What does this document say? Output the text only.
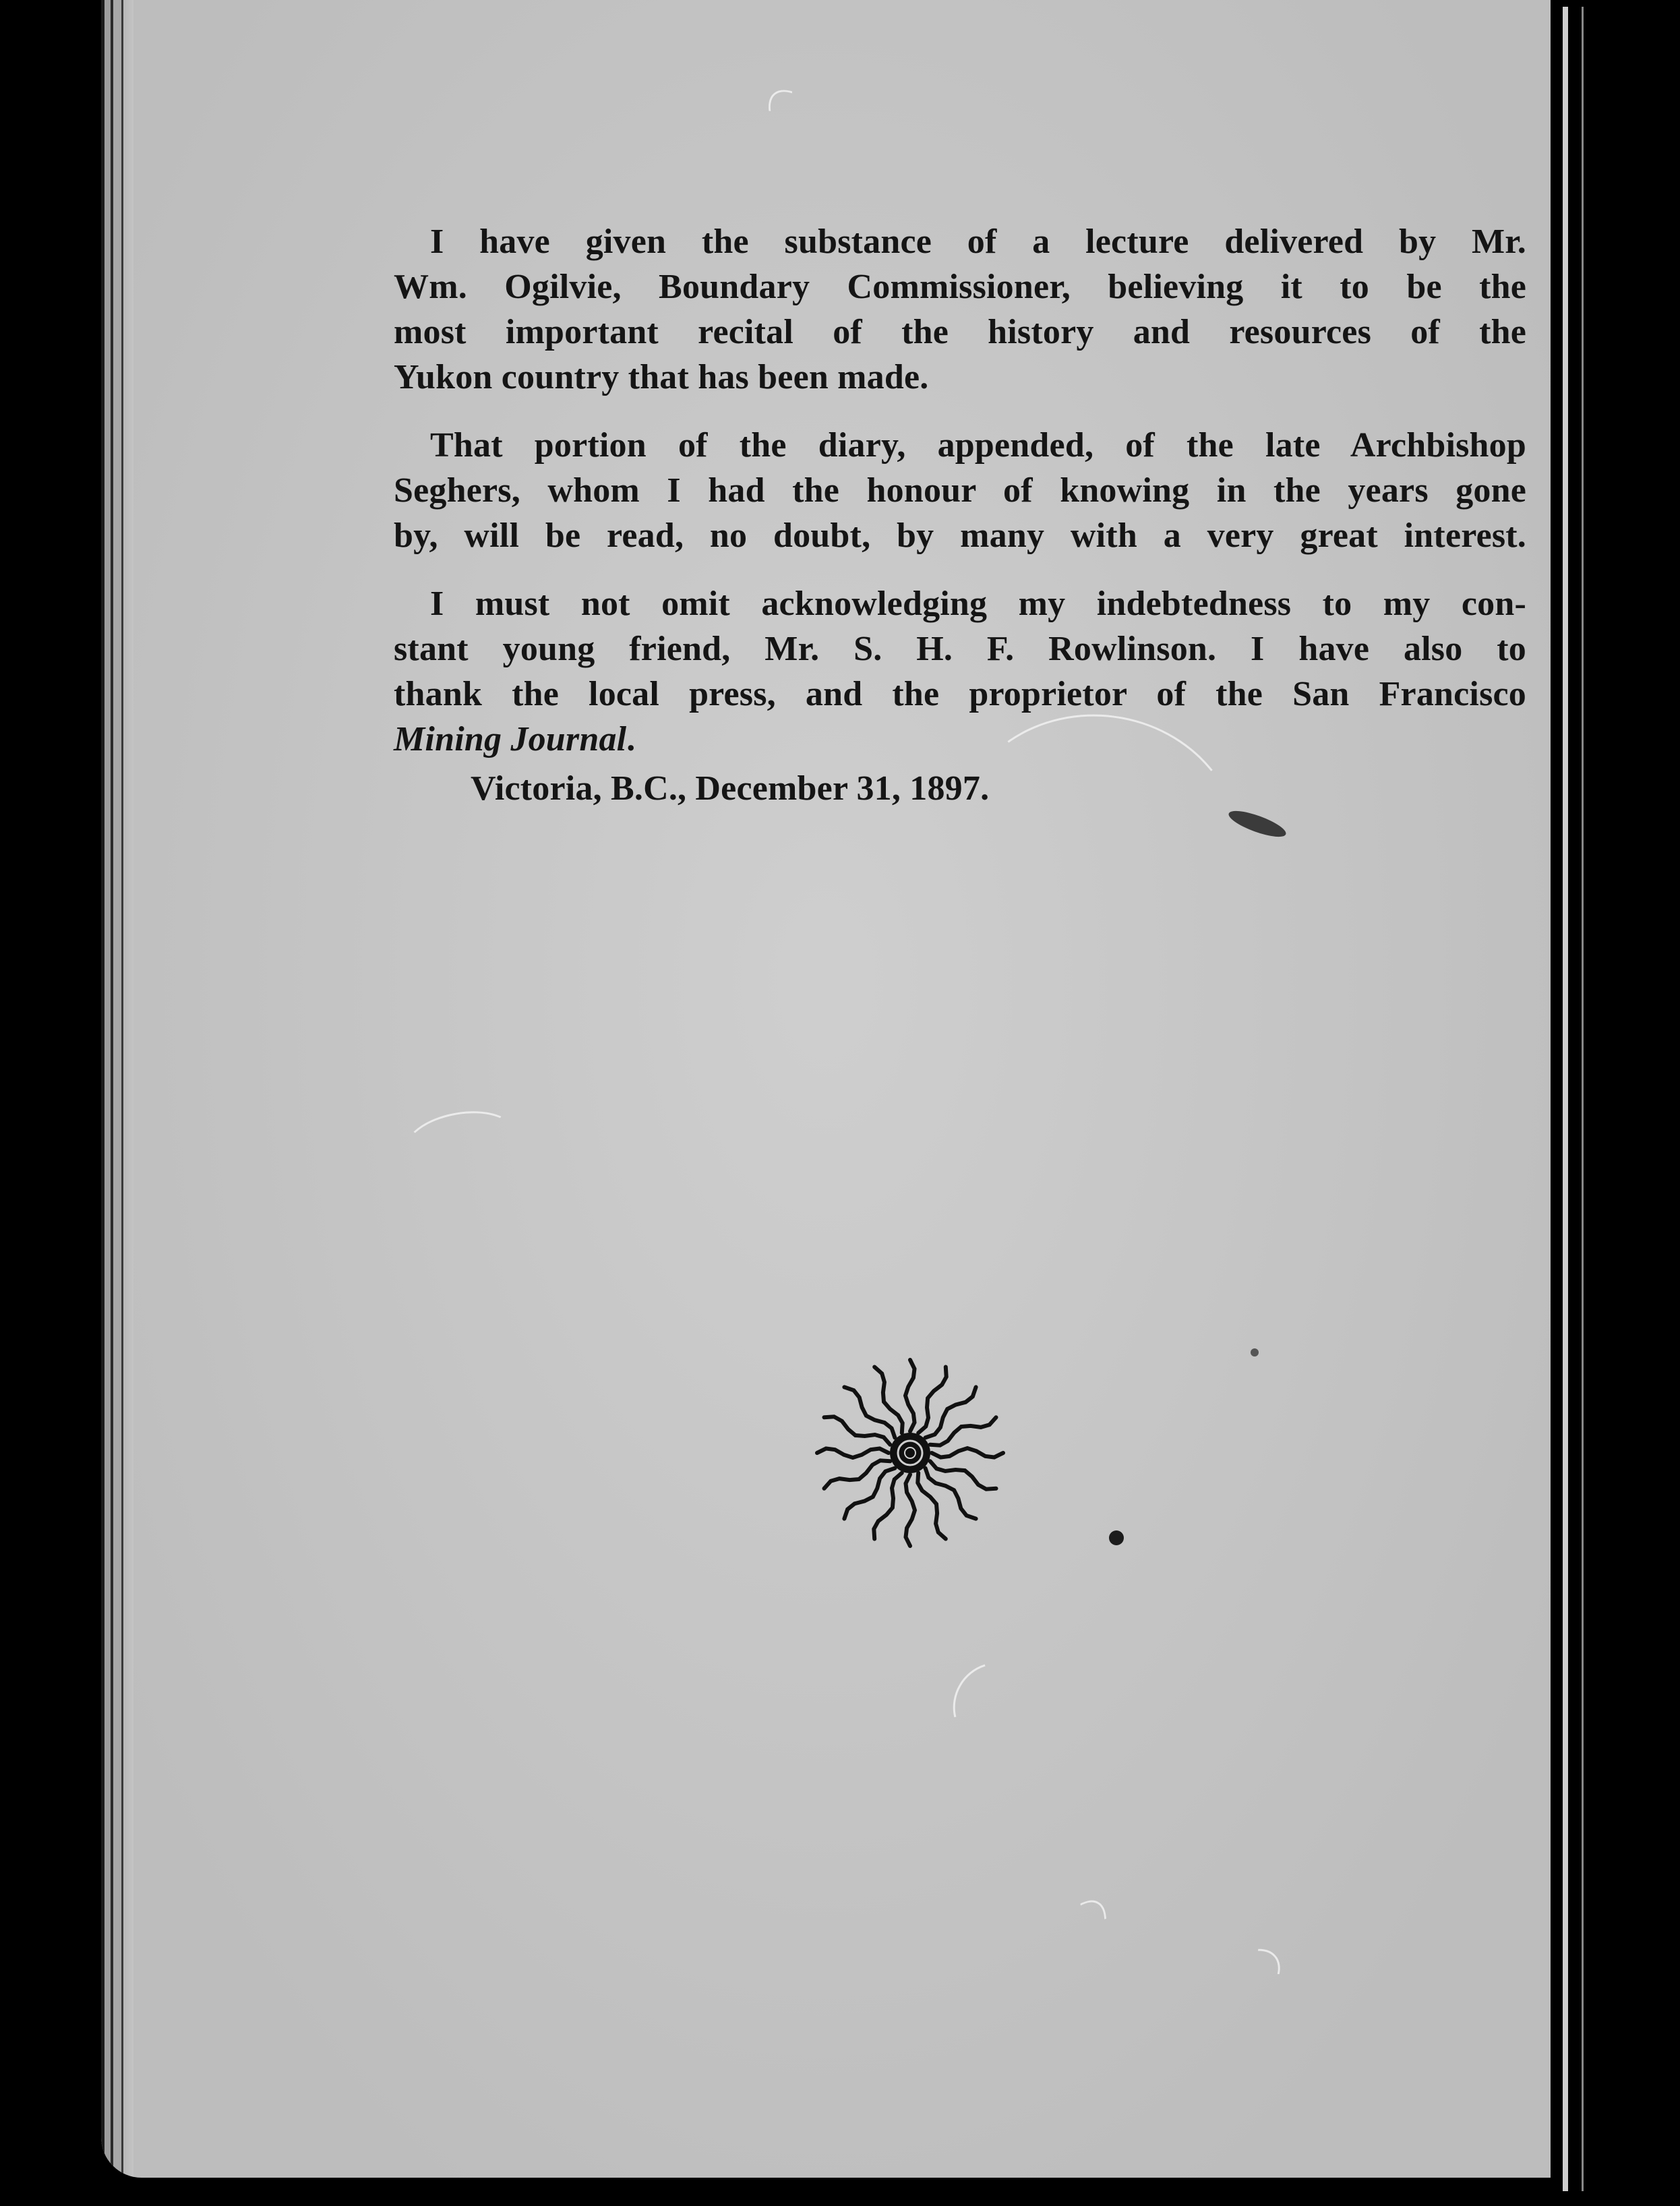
I have given the substance of a lecture delivered by Mr.
Wm. Ogilvie, Boundary Commissioner, believing it to be the
most important recital of the history and resources of the
Yukon country that has been made.
That portion of the diary, appended, of the late Archbishop
Seghers, whom I had the honour of knowing in the years gone
by, will be read, no doubt, by many with a very great interest.
I must not omit acknowledging my indebtedness to my con-
stant young friend, Mr. S. H. F. Rowlinson. I have also to
thank the local press, and the proprietor of the San Francisco
Mining Journal.
Victoria, B.C., December 31, 1897.
